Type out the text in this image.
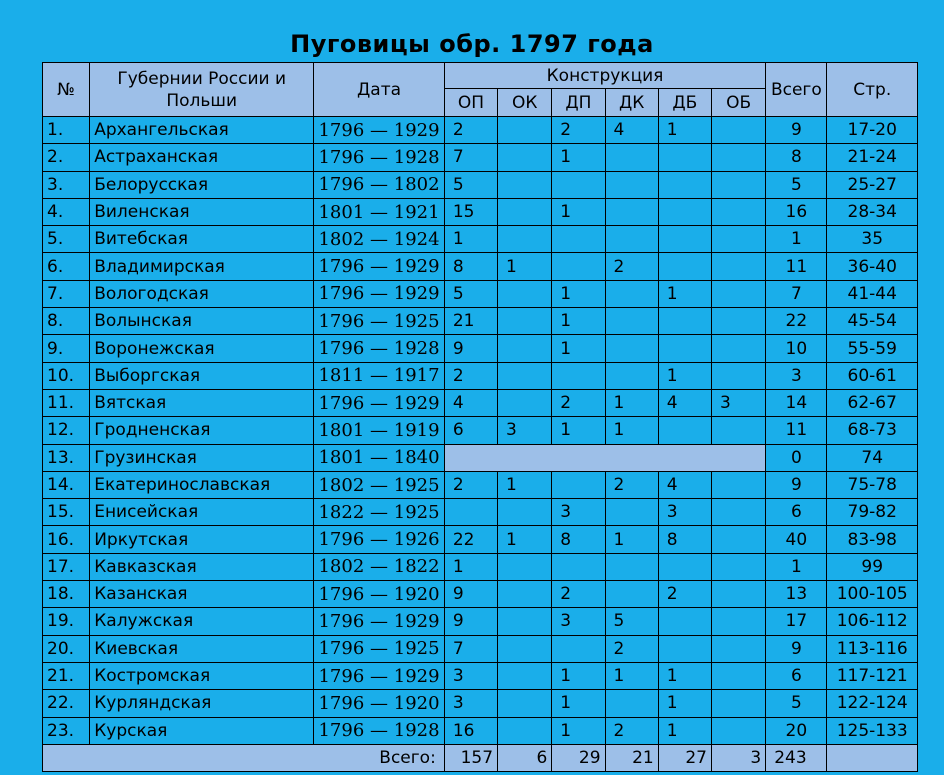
Пуговицы обр. 1797 года
№	Губернии России и Польши	Дата	Конструкция						Всего	Стр.
			ОП	ОК	ДП	ДК	ДБ	ОБ		
1.	Архангельская	1796 — 1929	2		2	4	1		9	17-20
2.	Астраханская	1796 — 1928	7		1				8	21-24
3.	Белорусская	1796 — 1802	5						5	25-27
4.	Виленская	1801 — 1921	15		1				16	28-34
5.	Витебская	1802 — 1924	1						1	35
6.	Владимирская	1796 — 1929	8	1		2			11	36-40
7.	Вологодская	1796 — 1929	5		1		1		7	41-44
8.	Волынская	1796 — 1925	21		1				22	45-54
9.	Воронежская	1796 — 1928	9		1				10	55-59
10.	Выборгская	1811 — 1917	2				1		3	60-61
11.	Вятская	1796 — 1929	4		2	1	4	3	14	62-67
12.	Гродненская	1801 — 1919	6	3	1	1			11	68-73
13.	Грузинская	1801 — 1840							0	74
14.	Екатеринославская	1802 — 1925	2	1		2	4		9	75-78
15.	Енисейская	1822 — 1925			3		3		6	79-82
16.	Иркутская	1796 — 1926	22	1	8	1	8		40	83-98
17.	Кавказская	1802 — 1822	1						1	99
18.	Казанская	1796 — 1920	9		2		2		13	100-105
19.	Калужская	1796 — 1929	9		3	5			17	106-112
20.	Киевская	1796 — 1925	7			2			9	113-116
21.	Костромская	1796 — 1929	3		1	1	1		6	117-121
22.	Курляндская	1796 — 1920	3		1		1		5	122-124
23.	Курская	1796 — 1928	16		1	2	1		20	125-133
Всего:			157	6	29	21	27	3	243	
